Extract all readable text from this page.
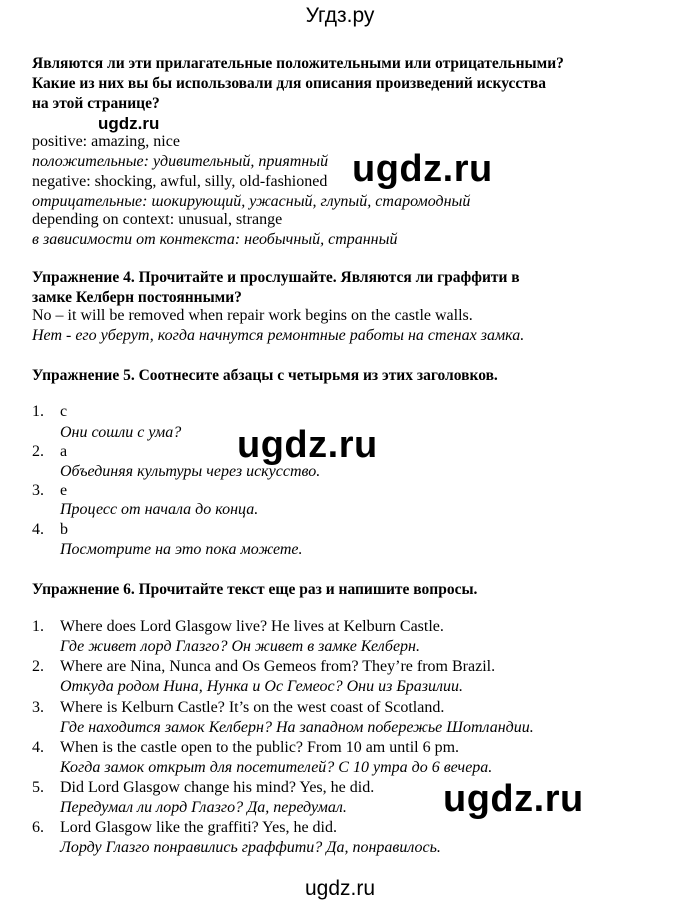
Угдз.ру
Являются ли эти прилагательные положительными или отрицательными?
Какие из них вы бы использовали для описания произведений искусства
на этой странице?
ugdz.ru
positive: amazing, nice
положительные: удивительный, приятный
negative: shocking, awful, silly, old-fashioned
отрицательные: шокирующий, ужасный, глупый, старомодный
depending on context: unusual, strange
в зависимости от контекста: необычный, странный
ugdz.ru
Упражнение 4. Прочитайте и прослушайте. Являются ли граффити в
замке Келберн постоянными?
No – it will be removed when repair work begins on the castle walls.
Нет - его уберут, когда начнутся ремонтные работы на стенах замка.
Упражнение 5. Соотнесите абзацы с четырьмя из этих заголовков.
1.	c
Они сошли с ума?
2.	a
Объединяя культуры через искусство.
3.	e
Процесс от начала до конца.
4.	b
Посмотрите на это пока можете.
ugdz.ru
Упражнение 6. Прочитайте текст еще раз и напишите вопросы.
1.	Where does Lord Glasgow live? He lives at Kelburn Castle.
Где живет лорд Глазго? Он живет в замке Келберн.
2.	Where are Nina, Nunca and Os Gemeos from? They’re from Brazil.
Откуда родом Нина, Нунка и Ос Гемеос? Они из Бразилии.
3.	Where is Kelburn Castle? It’s on the west coast of Scotland.
Где находится замок Келберн? На западном побережье Шотландии.
4.	When is the castle open to the public? From 10 am until 6 pm.
Когда замок открыт для посетителей? С 10 утра до 6 вечера.
5.	Did Lord Glasgow change his mind? Yes, he did.
Передумал ли лорд Глазго? Да, передумал.
6.	Lord Glasgow like the graffiti? Yes, he did.
Лорду Глазго понравились граффити? Да, понравилось.
ugdz.ru
ugdz.ru
